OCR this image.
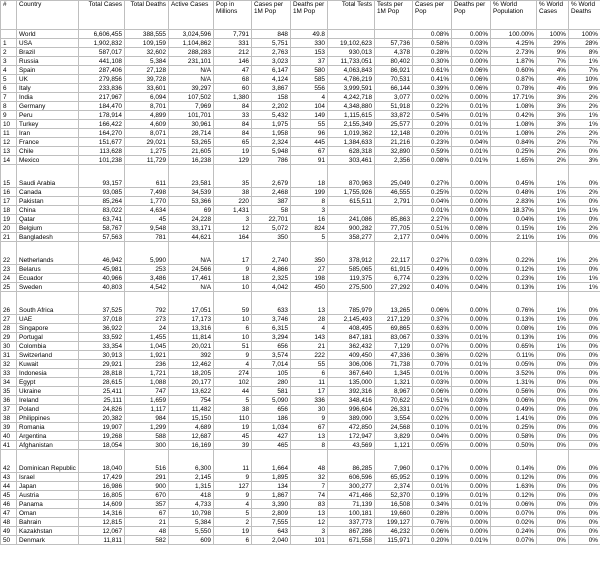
#	Country	Total Cases	Total Deaths	Active Cases	Pop in Millions	Cases per 1M Pop	Deaths per 1M Pop	Total Tests	Tests per 1M Pop	Cases per Pop	Deaths per Pop	% World Population	% World Cases	% World Deaths
	World	6,606,455	388,555	3,024,596	7,791	848	49.8			0.08%	0.00%	100.00%	100%	100%
1	USA	1,902,832	109,159	1,104,862	331	5,751	330	19,102,623	57,736	0.58%	0.03%	4.25%	29%	28%
2	Brazil	587,017	32,602	288,283	212	2,763	153	930,013	4,378	0.28%	0.02%	2.73%	9%	8%
3	Russia	441,108	5,384	231,101	146	3,023	37	11,733,051	80,402	0.30%	0.00%	1.87%	7%	1%
4	Spain	287,406	27,128	N/A	47	6,147	580	4,063,843	86,921	0.61%	0.06%	0.60%	4%	7%
5	UK	279,856	39,728	N/A	68	4,124	585	4,786,219	70,531	0.41%	0.06%	0.87%	4%	10%
6	Italy	233,836	33,601	39,297	60	3,867	556	3,999,591	66,144	0.39%	0.06%	0.78%	4%	9%
7	India	217,967	6,094	107,502	1,380	158	4	4,242,718	3,077	0.02%	0.00%	17.71%	3%	2%
8	Germany	184,470	8,701	7,969	84	2,202	104	4,348,880	51,918	0.22%	0.01%	1.08%	3%	2%
9	Peru	178,914	4,899	101,701	33	5,432	149	1,115,615	33,872	0.54%	0.01%	0.42%	3%	1%
10	Turkey	166,422	4,609	30,961	84	1,975	55	2,155,349	25,577	0.20%	0.01%	1.08%	3%	1%
11	Iran	164,270	8,071	28,714	84	1,958	96	1,019,362	12,148	0.20%	0.01%	1.08%	2%	2%
12	France	151,677	29,021	53,265	65	2,324	445	1,384,633	21,216	0.23%	0.04%	0.84%	2%	7%
13	Chile	113,628	1,275	21,605	19	5,948	67	628,318	32,890	0.59%	0.01%	0.25%	2%	0%
14	Mexico	101,238	11,729	16,238	129	786	91	303,461	2,356	0.08%	0.01%	1.65%	2%	3%
15	Saudi Arabia	93,157	611	23,581	35	2,679	18	870,963	25,049	0.27%	0.00%	0.45%	1%	0%
16	Canada	93,085	7,498	34,539	38	2,468	199	1,755,926	46,555	0.25%	0.02%	0.48%	1%	2%
17	Pakistan	85,264	1,770	53,366	220	387	8	615,511	2,791	0.04%	0.00%	2.83%	1%	0%
18	China	83,022	4,634	69	1,431	58	3			0.01%	0.00%	18.37%	1%	1%
19	Qatar	63,741	45	24,228	3	22,701	16	241,086	85,863	2.27%	0.00%	0.04%	1%	0%
20	Belgium	58,767	9,548	33,171	12	5,072	824	900,282	77,705	0.51%	0.08%	0.15%	1%	2%
21	Bangladesh	57,563	781	44,621	164	350	5	358,277	2,177	0.04%	0.00%	2.11%	1%	0%
22	Netherlands	46,942	5,990	N/A	17	2,740	350	378,912	22,117	0.27%	0.03%	0.22%	1%	2%
23	Belarus	45,981	253	24,566	9	4,866	27	585,065	61,915	0.49%	0.00%	0.12%	1%	0%
24	Ecuador	40,966	3,486	17,461	18	2,325	198	119,375	6,774	0.23%	0.02%	0.23%	1%	1%
25	Sweden	40,803	4,542	N/A	10	4,042	450	275,500	27,292	0.40%	0.04%	0.13%	1%	1%
26	South Africa	37,525	792	17,051	59	633	13	785,979	13,265	0.06%	0.00%	0.76%	1%	0%
27	UAE	37,018	273	17,173	10	3,746	28	2,145,493	217,129	0.37%	0.00%	0.13%	1%	0%
28	Singapore	36,922	24	13,316	6	6,315	4	408,495	69,865	0.63%	0.00%	0.08%	1%	0%
29	Portugal	33,592	1,455	11,814	10	3,294	143	847,181	83,067	0.33%	0.01%	0.13%	1%	0%
30	Colombia	33,354	1,045	20,021	51	656	21	362,432	7,129	0.07%	0.00%	0.65%	1%	0%
31	Switzerland	30,913	1,921	392	9	3,574	222	409,450	47,336	0.36%	0.02%	0.11%	0%	0%
32	Kuwait	29,921	236	12,462	4	7,014	55	306,006	71,738	0.70%	0.01%	0.05%	0%	0%
33	Indonesia	28,818	1,721	18,205	274	105	6	367,640	1,345	0.01%	0.00%	3.52%	0%	0%
34	Egypt	28,615	1,088	20,177	102	280	11	135,000	1,321	0.03%	0.00%	1.31%	0%	0%
35	Ukraine	25,411	747	13,622	44	581	17	392,316	8,967	0.06%	0.00%	0.56%	0%	0%
36	Ireland	25,111	1,659	754	5	5,090	336	348,416	70,622	0.51%	0.03%	0.06%	0%	0%
37	Poland	24,826	1,117	11,482	38	656	30	996,604	26,331	0.07%	0.00%	0.49%	0%	0%
38	Philippines	20,382	984	15,150	110	186	9	389,090	3,554	0.02%	0.00%	1.41%	0%	0%
39	Romania	19,907	1,299	4,689	19	1,034	67	472,850	24,568	0.10%	0.01%	0.25%	0%	0%
40	Argentina	19,268	588	12,687	45	427	13	172,947	3,829	0.04%	0.00%	0.58%	0%	0%
41	Afghanistan	18,054	300	16,169	39	465	8	43,569	1,121	0.05%	0.00%	0.50%	0%	0%
42	Dominican Republic	18,040	516	6,300	11	1,664	48	86,285	7,960	0.17%	0.00%	0.14%	0%	0%
43	Israel	17,429	291	2,145	9	1,895	32	606,596	65,952	0.19%	0.00%	0.12%	0%	0%
44	Japan	16,986	900	1,315	127	134	7	300,277	2,374	0.01%	0.00%	1.63%	0%	0%
45	Austria	16,805	670	418	9	1,867	74	471,466	52,370	0.19%	0.01%	0.12%	0%	0%
46	Panama	14,609	357	4,733	4	3,390	83	71,139	16,508	0.34%	0.01%	0.06%	0%	0%
47	Oman	14,316	67	10,798	5	2,809	13	100,181	19,660	0.28%	0.00%	0.07%	0%	0%
48	Bahrain	12,815	21	5,384	2	7,555	12	337,773	199,127	0.76%	0.00%	0.02%	0%	0%
49	Kazakhstan	12,067	48	5,550	19	643	3	867,286	46,232	0.06%	0.00%	0.24%	0%	0%
50	Denmark	11,811	582	609	6	2,040	101	671,558	115,971	0.20%	0.01%	0.07%	0%	0%
